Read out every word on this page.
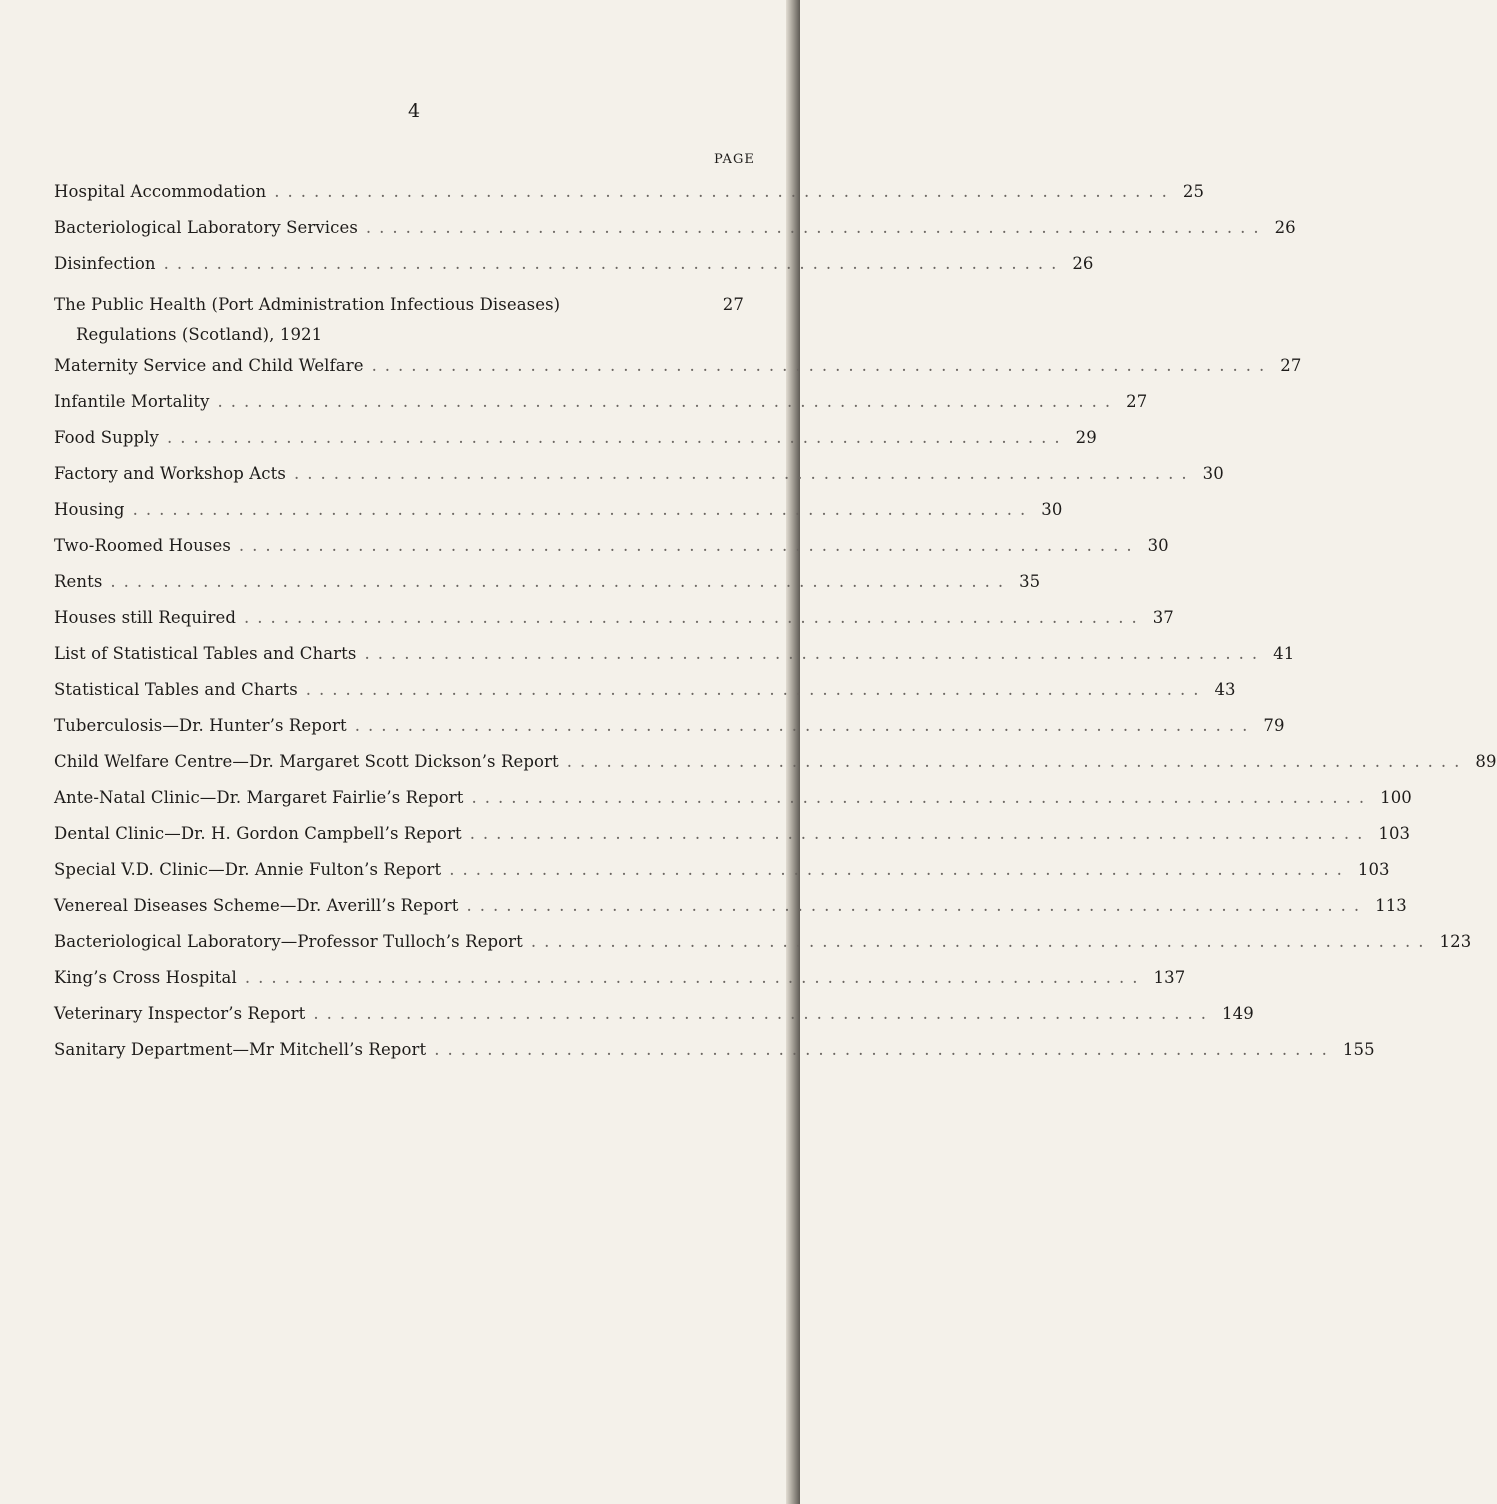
4
PAGE
Hospital Accommodation .................................................................... 25
Bacteriological Laboratory Services .................................................................... 26
Disinfection .................................................................... 26
The Public Health (Port Administration Infectious Diseases)
Regulations (Scotland), 1921
27
Maternity Service and Child Welfare .................................................................... 27
Infantile Mortality .................................................................... 27
Food Supply .................................................................... 29
Factory and Workshop Acts .................................................................... 30
Housing .................................................................... 30
Two-Roomed Houses .................................................................... 30
Rents .................................................................... 35
Houses still Required .................................................................... 37
List of Statistical Tables and Charts .................................................................... 41
Statistical Tables and Charts .................................................................... 43
Tuberculosis—Dr. Hunter’s Report .................................................................... 79
Child Welfare Centre—Dr. Margaret Scott Dickson’s Report .................................................................... 89
Ante-Natal Clinic—Dr. Margaret Fairlie’s Report .................................................................... 100
Dental Clinic—Dr. H. Gordon Campbell’s Report .................................................................... 103
Special V.D. Clinic—Dr. Annie Fulton’s Report .................................................................... 103
Venereal Diseases Scheme—Dr. Averill’s Report .................................................................... 113
Bacteriological Laboratory—Professor Tulloch’s Report .................................................................... 123
King’s Cross Hospital .................................................................... 137
Veterinary Inspector’s Report .................................................................... 149
Sanitary Department—Mr Mitchell’s Report .................................................................... 155
